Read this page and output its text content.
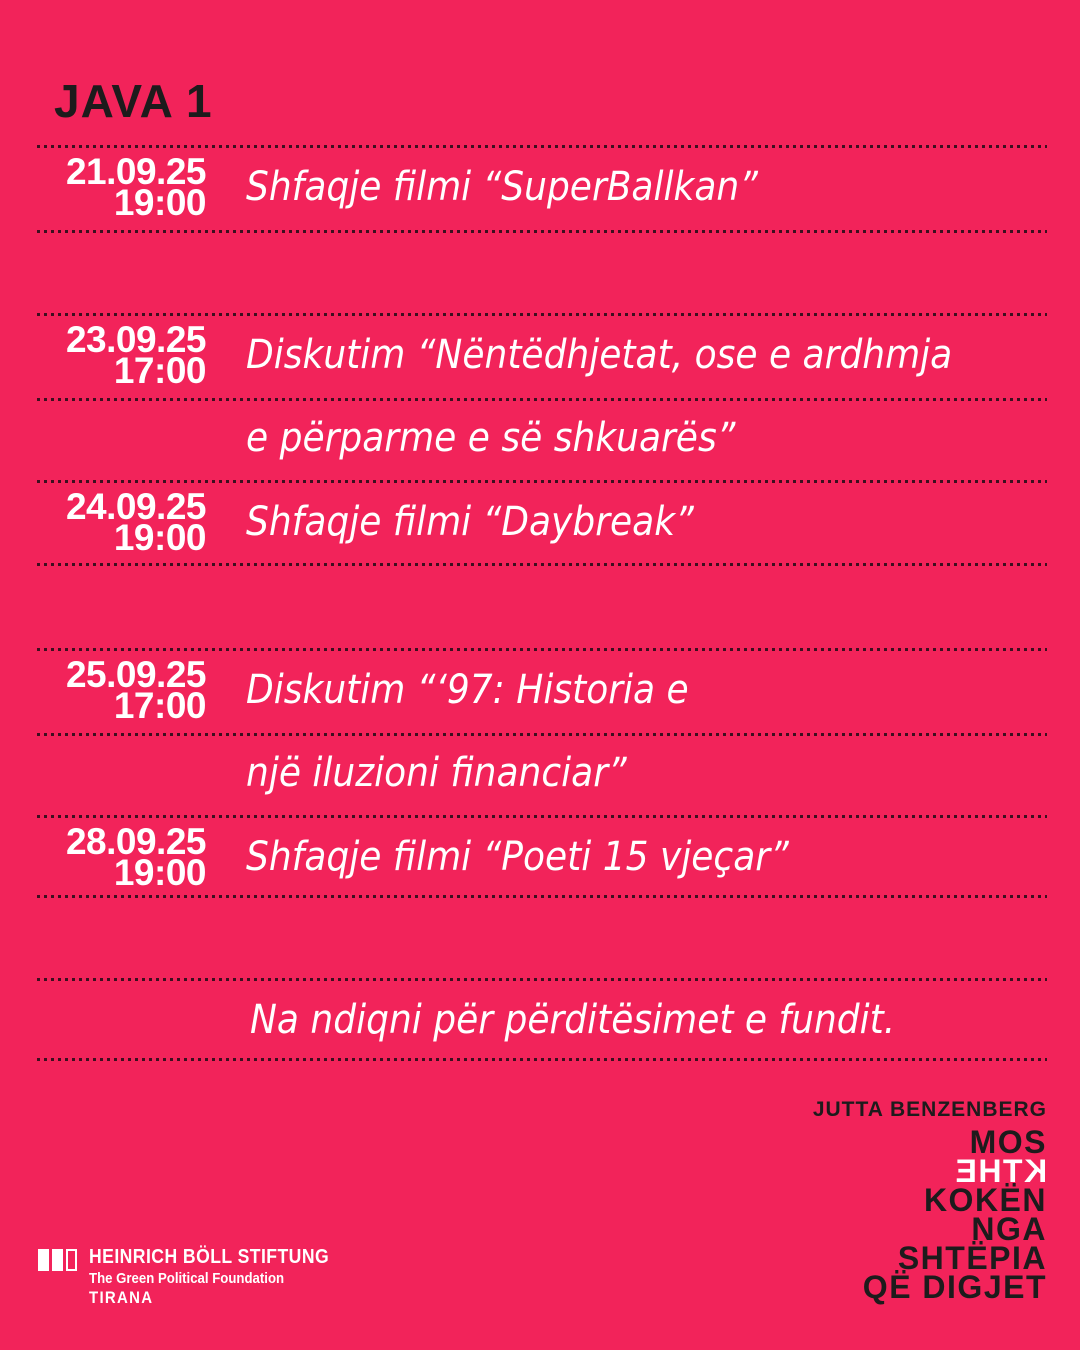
JAVA 1
21.09.25
19:00 Shfaqje filmi “SuperBallkan”
23.09.25
17:00 Diskutim “Nëntëdhjetat, ose e ardhmja
e përparme e së shkuarës”
24.09.25
19:00 Shfaqje filmi “Daybreak”
25.09.25
17:00 Diskutim “‘97: Historia e
një iluzioni financiar”
28.09.25
19:00 Shfaqje filmi “Poeti 15 vjeçar”
Na ndiqni për përditësimet e fundit.
JUTTA BENZENBERG
MOS
KTHE
KOKËN
NGA
SHTËPIA
QË DIGJET
HEINRICH BÖLL STIFTUNG
The Green Political Foundation
TIRANA
